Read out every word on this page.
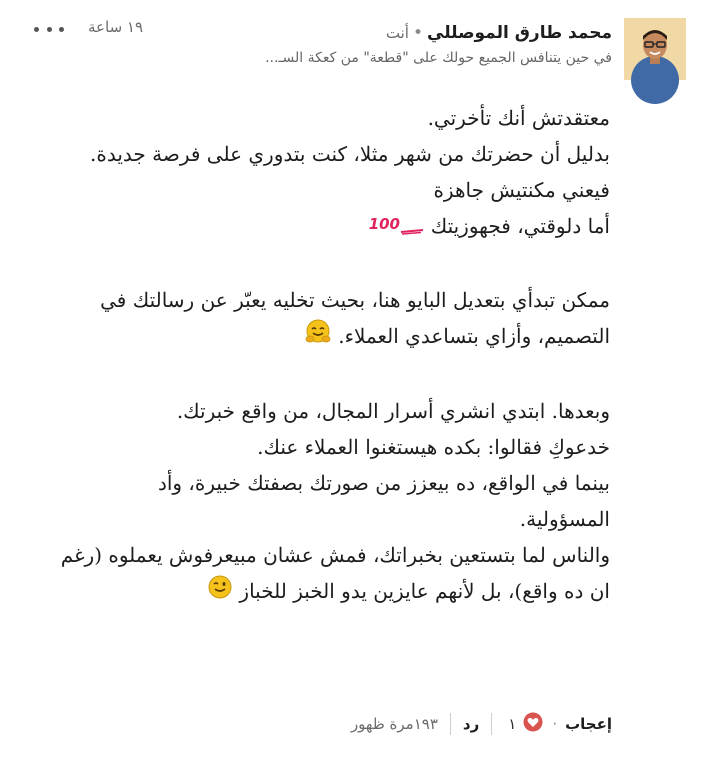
محمد طارق الموصللي•أنت
في حين يتنافس الجميع حولك على "قطعة" من كعكة السـ...
١٩ ساعة

معتقدتش أنك تأخرتي.

بدليل أن حضرتك من شهر مثلا، كنت بتدوري على فرصة جديدة.

فيعني مكنتيش جاهزة

أما دلوقتي، فجهوزيتك
100

ممكن تبدأي بتعديل البايو هنا، بحيث تخليه يعبّر عن رسالتك في

التصميم، وأزاي بتساعدي العملاء.

وبعدها. ابتدي انشري أسرار المجال، من واقع خبرتك.

خدعوكِ فقالوا: بكده هيستغنوا العملاء عنك.

بينما في الواقع، ده بيعزز من صورتك بصفتك خبيرة، وأد

المسؤولية.

والناس لما بتستعين بخبراتك، فمش عشان مبيعرفوش يعملوه (رغم

ان ده واقع)، بل لأنهم عايزين يدو الخبز للخباز

إعجاب
·
١
رد
١٩٣مرة ظهور
